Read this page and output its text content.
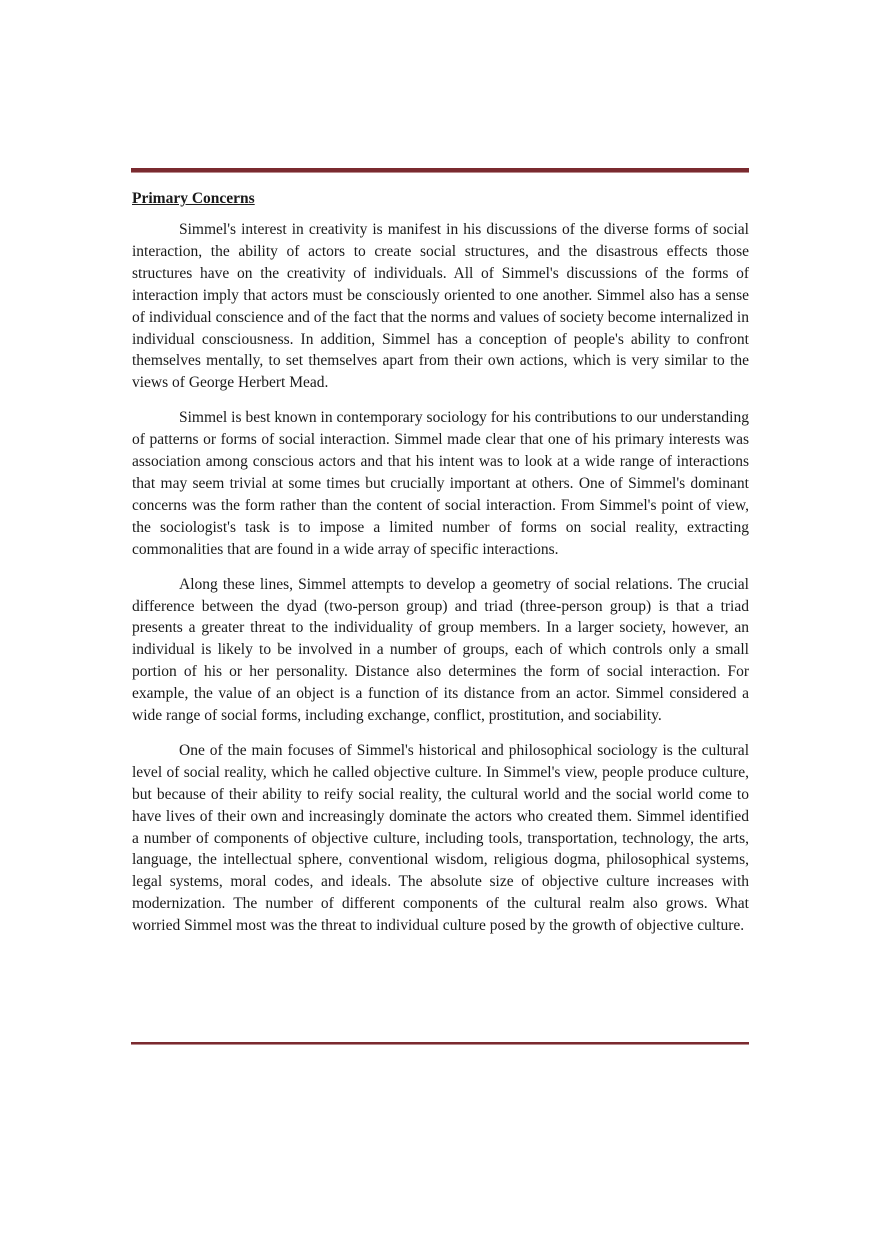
Primary Concerns

Simmel's interest in creativity is manifest in his discussions of the diverse forms of social interaction, the ability of actors to create social structures, and the disastrous effects those structures have on the creativity of individuals. All of Simmel's discussions of the forms of interaction imply that actors must be consciously oriented to one another. Simmel also has a sense of individual conscience and of the fact that the norms and values of society become internalized in individual consciousness. In addition, Simmel has a conception of people's ability to confront themselves mentally, to set themselves apart from their own actions, which is very similar to the views of George Herbert Mead.

Simmel is best known in contemporary sociology for his contributions to our understanding of patterns or forms of social interaction. Simmel made clear that one of his primary interests was association among conscious actors and that his intent was to look at a wide range of interactions that may seem trivial at some times but crucially important at others. One of Simmel's dominant concerns was the form rather than the content of social interaction. From Simmel's point of view, the sociologist's task is to impose a limited number of forms on social reality, extracting commonalities that are found in a wide array of specific interactions.

Along these lines, Simmel attempts to develop a geometry of social relations. The crucial difference between the dyad (two-person group) and triad (three-person group) is that a triad presents a greater threat to the individuality of group members. In a larger society, however, an individual is likely to be involved in a number of groups, each of which controls only a small portion of his or her personality. Distance also determines the form of social interaction. For example, the value of an object is a function of its distance from an actor. Simmel considered a wide range of social forms, including exchange, conflict, prostitution, and sociability.

One of the main focuses of Simmel's historical and philosophical sociology is the cultural level of social reality, which he called objective culture. In Simmel's view, people produce culture, but because of their ability to reify social reality, the cultural world and the social world come to have lives of their own and increasingly dominate the actors who created them. Simmel identified a number of components of objective culture, including tools, transportation, technology, the arts, language, the intellectual sphere, conventional wisdom, religious dogma, philosophical systems, legal systems, moral codes, and ideals. The absolute size of objective culture increases with modernization. The number of different components of the cultural realm also grows. What worried Simmel most was the threat to individual culture posed by the growth of objective culture.
